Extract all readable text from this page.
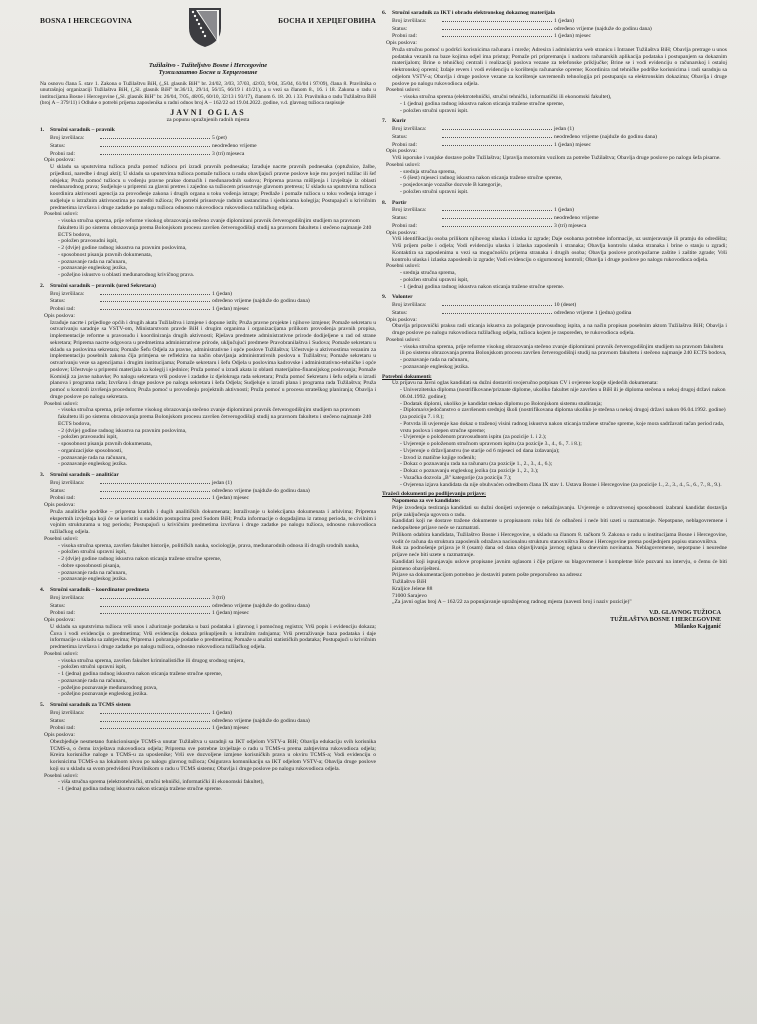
BOSNA I HERCEGOVINA	БОСНА И ХЕРЦЕГОВИНА
Tužilaštvo - Tužiteljstvo Bosne i Hercegovine
Тужилаштво Босне и Херцеговине
Na osnovu člana 5. stav 1. Zakona o Tužilaštvu BiH, („Sl. glasnik BiH" br. 24/02, 3/03, 37/03, 42/03, 9/04, 35/04, 61/04 i 97/09), člana 8. Pravilnika o unutrašnjoj organizaciji Tužilaštva BiH, („Sl. glasnik BiH" br.36/13, 29/14, 56/15, 66/19 i 41/21), a u vezi sa članom 8., 16. i 18. Zakona o radu u institucijama Bosne i Hercegovine („Sl. glasnik BiH" br. 26/04, 7/05, 48/05, 60/10, 32/13 i 93/17), članom 6. 18. 20. i 33. Pravilnika o radu Tužilaštva BiH (broj A – 379/11) i Odluke o potrebi prijema zaposlenika u radni odnos broj A – 162/22 od 19.04.2022. godine, v.d. glavnog tužioca raspisuje
JAVNI OGLAS
za popunu upražnjenih radnih mjesta
1. Stručni saradnik – pravnik
Broj izvršilaca:	5 (pet)
Status:	neodređeno vrijeme
Probni rad:	3 (tri) mjeseca
Opis poslova:
U skladu sa uputstvima tužioca pruža pomoć tužiocu pri izradi pravnih podnesaka; Izrađuje nacrte pravnih podnesaka (optužnice, žalbe, prijedlozi, naredbe i drugi akti); U skladu sa uputstvima tužioca pomaže tužiocu u radu obavljajući pravne poslove koje mu povjeri tužilac ili šef odsjeka; Pruža pomoć tužiocu u vođenju pravne prakse domaćih i međunarodnih sudova; Priprema pravna mišljenja i izvještaje iz oblasti međunarodnog prava; Sudjeluje u pripremi za glavni pretres i zajedno sa tužiocem prisustvuje glavnom pretresu; U skladu sa uputstvima tužioca koordinira aktivnosti agencija za provođenje zakona i drugih organa u toku vođenja istrage; Predlaže i pomaže tužiocu u toku vođenja istrage i sudjeluje u istražnim aktivnostima po naredbi tužioca; Po potrebi prisustvuje radnim sastancima i sjednicama kolegija; Postupajući u krivičnim predmetima izvršava i druge zadatke po nalogu tužioca odnosno rukovodioca rukovodioca tužilačkog odjela.
Posebni uslovi:
- visoka stručna sprema, prije reforme visokog obrazovanja stečeno zvanje diplomirani pravnik četverogodišnjim studijem na pravnom fakultetu ili po sistemu obrazovanja prema Bolonjskom procesu završen četverogodišnji studij na pravnom fakultetu i stečeno najmanje 240 ECTS bodova,
- položen pravosudni ispit,
- 2 (dvije) godine radnog iskustva na pravnim poslovima,
- sposobnost pisanja pravnih dokumenata,
- poznavanje rada na računaru,
- poznavanje engleskog jezika,
- poželjno iskustvo u oblasti međunarodnog krivičnog prava.
2. Stručni saradnik – pravnik (ured Sekretara)
Broj izvršilaca:	1 (jedan)
Status:	određeno vrijeme (najduže do godinu dana)
Probni rad:	1 (jedan) mjesec
Opis poslova:
Izrađuje nacrte i prijedloge općih i drugih akata Tužilaštva i izmjene i dopune istih; Pruža pravne projekte i njihove izmjene; Pomaže sekretaru u ostvarivanju saradnje sa VSTV-om, Ministarstvom pravde BiH i drugim organima i organizacijama prilikom provođenja pravnih propisa, implementacije reforme u pravosuđu i koordiniranja drugih aktivnosti; Rješava predmete administrativne prirode dodijeljene u rad od strane sekretara; Priprema nacrte odgovora u predmetima administrativne prirode, uključujući predmete Pravobranilaštva i Sudova; Pomaže sekretaru u skladu sa poslovima sekretara; Pomaže Šefu Odjela za pravne, administrativne i opće poslove Tužilaštva; Učestvuje u aktivnostima vezanim za implementaciju posebnih zakona čija primjena se reflektira na način obavljanja administrativnih poslova u Tužilaštvu; Pomaže sekretaru u ostvarivanju veze sa agencijama i drugim institucijama; Pomaže sekretaru i šefu Odjela u poslovima kadrovske i administrativno-tehničke i opće poslove; Učestvuje u pripremi materijala za kolegij i sjednice; Pruža pomoć u izradi akata iz oblasti materijalno-finansijskog poslovanja; Pomaže Komisiji za javne nabavke; Po nalogu sekretara vrši poslove i zadatke iz djelokruga rada sekretara; Pruža pomoć Sekretaru i šefu odjela u izradi planova i programa rada; Izvršava i druge poslove po nalogu sekretara i šefa Odjela; Sudjeluje u izradi plana i programa rada Tužilaštva; Pruža pomoć u kontroli izvršenja procedura; Pruža pomoć u provođenju projektnih aktivnosti; Pruža pomoć u procesu strateškog planiranja; Obavlja i druge poslove po nalogu sekretara.
Posebni uslovi:
- visoka stručna sprema, prije reforme visokog obrazovanja stečeno zvanje diplomirani pravnik četverogodišnjim studijem na pravnom fakultetu ili po sistemu obrazovanja prema Bolonjskom procesu završen četverogodišnji studij na pravnom fakultetu i stečeno najmanje 240 ECTS bodova,
- 2 (dvije) godine radnog iskustva na pravnim poslovima,
- položen pravosudni ispit,
- sposobnost pisanja pravnih dokumenata,
- organizacijske sposobnosti,
- poznavanje rada na računaru,
- poznavanje engleskog jezika.
3. Stručni saradnik – analitičar
Broj izvršilaca:	jedan (1)
Status:	određeno vrijeme (najduže do godinu dana)
Probni rad:	1 (jedan) mjesec
Opis poslova:
Pruža analitičke podrške – priprema kratkih i dugih analitičkih dokumenata; Istraživanje u kolekcijama dokumenata i arhivima; Priprema ekspertnih izvještaja koji će se koristiti u sudskim postupcima pred Sudom BiH; Pruža informacije o događajima iz ratnog perioda, te civilnim i vojnim strukturama u tog periodu; Postupajući u krivičnim predmetima izvršava i druge zadatke po nalogu tužioca, odnosno rukovodioca tužilačkog odjela.
Posebni uslovi:
- visoka stručna sprema, završen fakultet historije, političkih nauka, sociologije, prava, međunarodnih odnosa ili drugih srodnih nauka,
- položen stručni upravni ispit,
- 2 (dvije) godine radnog iskustva nakon sticanja tražene stručne spreme,
- dobre sposobnosti pisanja,
- poznavanje rada na računaru,
- poznavanje engleskog jezika.
4. Stručni saradnik – koordinator predmeta
Broj izvršilaca:	3 (tri)
Status:	određeno vrijeme (najduže do godinu dana)
Probni rad:	1 (jedan) mjesec
Opis poslova:
U skladu sa uputstvima tužioca vrši unos i ažuriranje podataka u bazi podataka i glavnog i pomoćnog registra; Vrši popis i evidenciju dokaza; Čuva i vodi evidenciju o predmetima; Vrši evidenciju dokaza prikupljenih u istražnim radnjama; Vrši pretraživanje baza podataka i daje informacije u skladu sa zahtjevima; Priprema i pohranjuje podatke o predmetima; Pomaže u analizi statističkih podataka; Postupajući u krivičnim predmetima izvršava i druge zadatke po nalogu tužioca, odnosno rukovodioca tužilačkog odjela.
Posebni uslovi:
- visoka stručna sprema, završen fakultet kriminalističke ili drugog srodnog smjera,
- položen stručni upravni ispit,
- 1 (jedna) godina radnog iskustva nakon sticanja tražene stručne spreme,
- poznavanje rada na računaru,
- poželjno poznavanje međunarodnog prava,
- poželjno poznavanje engleskog jezika.
5. Stručni saradnik za TCMS sistem
Broj izvršilaca:	1 (jedan)
Status:	određeno vrijeme (najduže do godinu dana)
Probni rad:	1 (jedan) mjesec
Opis poslova:
Obezbjeđuje nesmetano funkcionisanje TCMS-a unutar Tužilaštva u saradnji sa IKT odjelom VSTV-a BiH; Obavlja edukaciju svih korisnika TCMS-a, o čemu izvještava rukovodioca odjela; Priprema sve potrebne izvještaje o radu u TCMS-u prema zahtjevima rukovodioca odjela; Kreira korisničke naloge u TCMS-u za uposlenike; Vrši sve dozvoljene izmjene korisničkih prava u okviru TCMS-a; Vodi evidenciju o korisnicima TCMS-a na lokalnom nivou po nalogu glavnog tužioca; Osigurava komunikaciju sa IKT odjelom VSTV-a; Obavlja druge poslove koji su u skladu sa svom predviđeni Pravilnikom o radu u TCMS sistemu; Obavlja i druge poslove po nalogu rukovodioca odjela.
Posebni uslovi:
- viša stručna sprema (elektrotehnički, stručni tehnički, informatički ili ekonomski fakultet),
- 1 (jedna) godina radnog iskustva nakon sticanja tražene stručne spreme.
6. Stručni saradnik za IKT i obradu elektronskog dokaznog materijala
Broj izvršilaca:	1 (jedan)
Status:	određeno vrijeme (najduže do godinu dana)
Probni rad:	1 (jedan) mjesec
Opis poslova:
Pruža stručnu pomoć u podršci korisnicima računara i mreže; Adresira i administrira web stranicu i Intranet Tužilaštva BiH; Obavlja pretrage u unos podataka vezanih na baze kojima odjel ima pristup; Pomaže pri pripremanju i nadzoru računarskih aplikacija podataka i postupanjem sa dokaznim materijalom; Brine o tehničkoj centrali i realizaciji poslova vezane za telefonske priključke; Brine se i vodi evidenciju o računarskoj i ostaloj elektronskoj opremi; Izdaje revers i vodi evidenciju o korištenju računarske opreme; Koordinira rad tehničke podrške korisnicima i radi saradnju sa odjelom VSTV-a; Obavlja i druge poslove vezane za korištenje savremenih tehnologija pri postupanju sa elektronskim dokazima; Obavlja i druge poslove po nalogu rukovodioca odjela.
Posebni uslovi:
- visoka stručna sprema (elektrotehnički, stručni tehnički, informatički ili ekonomski fakultet),
- 1 (jedna) godina radnog iskustva nakon sticanja tražene stručne spreme,
- položen stručni upravni ispit.
7. Kurir
Broj izvršilaca:	jedan (1)
Status:	neodređeno vrijeme (najduže do godinu dana)
Probni rad:	1 (jedan) mjesec
Opis poslova:
Vrši isporuke i vanjske dostave pošte Tužilaštva; Upravlja motornim vozilom za potrebe Tužilaštva; Obavlja druge poslove po nalogu šefa pisarne.
Posebni uslovi:
- srednja stručna sprema,
- 6 (šest) mjeseci radnog iskustva nakon sticanja tražene stručne spreme,
- posjedovanje vozačke dozvole B kategorije,
- položen stručni upravni ispit.
8. Portir
Broj izvršilaca:	1 (jedan)
Status:	neodređeno vrijeme
Probni rad:	3 (tri) mjeseca
Opis poslova:
Vrši identifikaciju osoba prilikom njihovog ulaska i izlaska iz zgrade; Daje osobama potrebne informacije, uz usmjeravanje ili pratnju do odredišta; Vrši prijem pošte i odjela; Vodi evidenciju ulaska i izlaska zaposlenih i stranaka; Obavlja kontrolu ulaska stranaka i brine o stanju u zgradi; Kontaktira sa zaposlenima u vezi sa mogućnošću prijema stranaka i drugih osoba; Obavlja poslove protivpožarne zaštite i zaštite zgrade; Vrši kontrolu ulaska i izlaska zaposlenih iz zgrade; Vodi evidenciju o sigurnosnoj kontroli; Obavlja i druge poslove po nalogu rukovodioca odjela.
Posebni uslovi:
- srednja stručna sprema,
- položen stručni upravni ispit,
- 1 (jedna) godina radnog iskustva nakon sticanja tražene stručne spreme.
9. Volonter
Broj izvršilaca:	10 (deset)
Status:	određeno vrijeme 1 (jedna) godina
Opis poslova:
Obavlja pripravnički praksu radi sticanja iskustva za polaganje pravosudnog ispita, a na način propisan posebnim aktom Tužilaštva BiH; Obavlja i druge poslove po nalogu rukovodioca tužilačkog odjela, tužioca kojem je raspoređen, te rukovodioca odjela.
Posebni uslovi:
- visoka stručna sprema, prije reforme visokog obrazovanja stečeno zvanje diplomirani pravnik četverogodišnjim studijem na pravnom fakultetu ili po sistemu obrazovanja prema Bolonjskom procesu završen četverogodišnji studij na pravnom fakultetu i stečeno najmanje 240 ECTS bodova,
- poznavanje rada na računaru,
- poznavanje engleskog jezika.
Potrebni dokumenti:
Uz prijavu na Javni oglas kandidati su dužni dostaviti svojeručno potpisan CV i ovjerene kopije sljedećih dokumenata:
- Univerzitetska diploma (nostrifikovane/priznate diplome, ukoliko fakultet nije završen u BiH ili je diploma stečena u nekoj drugoj državi nakon 06.04.1992. godine);
- Dodatak diplomi, ukoliko je kandidat stekao diplomu po Bolonjskom sistemu studiranja;
- Diploma/svjedočanstvo o završenom srednjoj školi (nostrifikovana diploma ukoliko je stečena u nekoj drugoj državi nakon 06.04.1992. godine) (za poziciju 7. i 8.);
- Potvrda ili uvjerenje kao dokaz o traženoj visini radnog iskustva nakon sticanja tražene stručne spreme, koje mora sadržavati tačan period rada, vrstu poslova i stepen stručne spreme;
- Uvjerenje o položenom pravosudnom ispitu (za pozicije 1. i 2.);
- Uvjerenje o položenom stručnom upravnom ispitu (za pozicije 3., 4., 6., 7. i 8.);
- Uvjerenje o državljanstvu (ne starije od 6 mjeseci od dana izdavanja);
- Izvod iz matične knjige rođenih;
- Dokaz o poznavanju rada na računaru (za pozicije 1., 2., 3., 4., 6.);
- Dokaz o poznavanju engleskog jezika (za pozicije 1., 2., 3.);
- Vozačka dozvola „B" kategorije (za poziciju 7.);
- Ovjerena izjava kandidata da nije obuhvaćen odredbom člana IX stav 1. Ustava Bosne i Hercegovine (za pozicije 1., 2., 3., 4., 5., 6., 7., 8., 9.).
Tražeći dokumenti po podlijevanju prijave:
Napomena za sve kandidate:
Prije izvođenja testiranja kandidati su dužni donijeti uvjerenje o nekažnjavanju. Uvjerenje o zdravstvenoj sposobnosti izabrani kandidat dostavlja prije zaključenja ugovora o radu.
Kandidati koji ne dostave tražene dokumente u propisanom roku biti će odbačeni i neće biti uzeti u razmatranje. Nepotpune, neblagovremene i nedopuštene prijave neće se razmatrati.
Prilikom odabira kandidata, Tužilaštvo Bosne i Hercegovine, u skladu sa članom 8. tačkom 9. Zakona o radu u institucijama Bosne i Hercegovine, vodit će računa da struktura zaposlenih odražava nacionalnu strukturu stanovništva Bosne i Hercegovine prema posljednjem popisu stanovništva.
Rok za podnošenje prijava je 8 (osam) dana od dana objavljivanja javnog oglasa u dnevnim novinama. Neblagovremene, nepotpune i neuredne prijave neće biti uzete u razmatranje.
Kandidati koji ispunjavaju uslove propisane javnim oglasom i čije prijave su blagovremene i kompletne biće pozvani na intervju, o čemu će biti pismeno obaviješteni.
Prijave sa dokumentacijom potrebno je dostaviti putem pošte preporučeno na adresu:
Tužilaštvo BiH
Kraljice Jelene 88
71000 Sarajevo
„Za javni oglas broj A – 162/22 za popunjavanje upražnjenog radnog mjesta (navesti broj i naziv pozicije)"
V.D. GLAVNOG TUŽIOCA
TUŽILAŠTVA BOSNE I HERCEGOVINE
Milanko Kajganić
